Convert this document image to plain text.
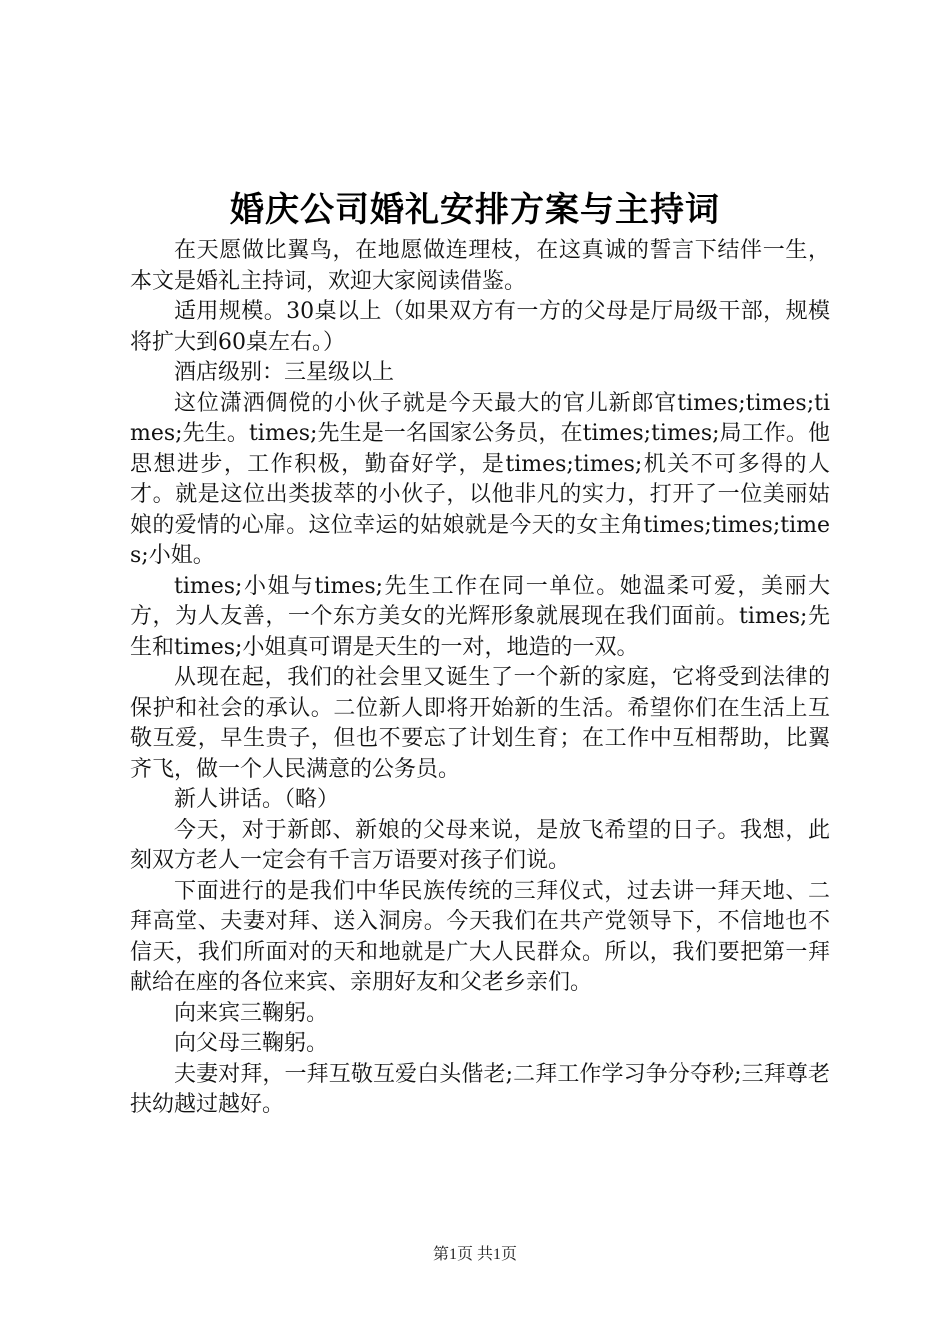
婚庆公司婚礼安排方案与主持词

在天愿做比翼鸟，在地愿做连理枝，在这真诚的誓言下结伴一生，本文是婚礼主持词，欢迎大家阅读借鉴。

适用规模。30桌以上（如果双方有一方的父母是厅局级干部，规模将扩大到60桌左右。）

酒店级别：三星级以上

这位潇洒倜傥的小伙子就是今天最大的官儿新郎官times;times;times;先生。times;先生是一名国家公务员，在times;times;局工作。他思想进步，工作积极，勤奋好学，是times;times;机关不可多得的人才。就是这位出类拔萃的小伙子，以他非凡的实力，打开了一位美丽姑娘的爱情的心扉。这位幸运的姑娘就是今天的女主角times;times;times;小姐。

times;小姐与times;先生工作在同一单位。她温柔可爱，美丽大方，为人友善，一个东方美女的光辉形象就展现在我们面前。times;先生和times;小姐真可谓是天生的一对，地造的一双。

从现在起，我们的社会里又诞生了一个新的家庭，它将受到法律的保护和社会的承认。二位新人即将开始新的生活。希望你们在生活上互敬互爱，早生贵子，但也不要忘了计划生育；在工作中互相帮助，比翼齐飞，做一个人民满意的公务员。

新人讲话。（略）

今天，对于新郎、新娘的父母来说，是放飞希望的日子。我想，此刻双方老人一定会有千言万语要对孩子们说。

下面进行的是我们中华民族传统的三拜仪式，过去讲一拜天地、二拜高堂、夫妻对拜、送入洞房。今天我们在共产党领导下，不信地也不信天，我们所面对的天和地就是广大人民群众。所以，我们要把第一拜献给在座的各位来宾、亲朋好友和父老乡亲们。

向来宾三鞠躬。

向父母三鞠躬。

夫妻对拜，一拜互敬互爱白头偕老;二拜工作学习争分夺秒;三拜尊老扶幼越过越好。

第1页 共1页
